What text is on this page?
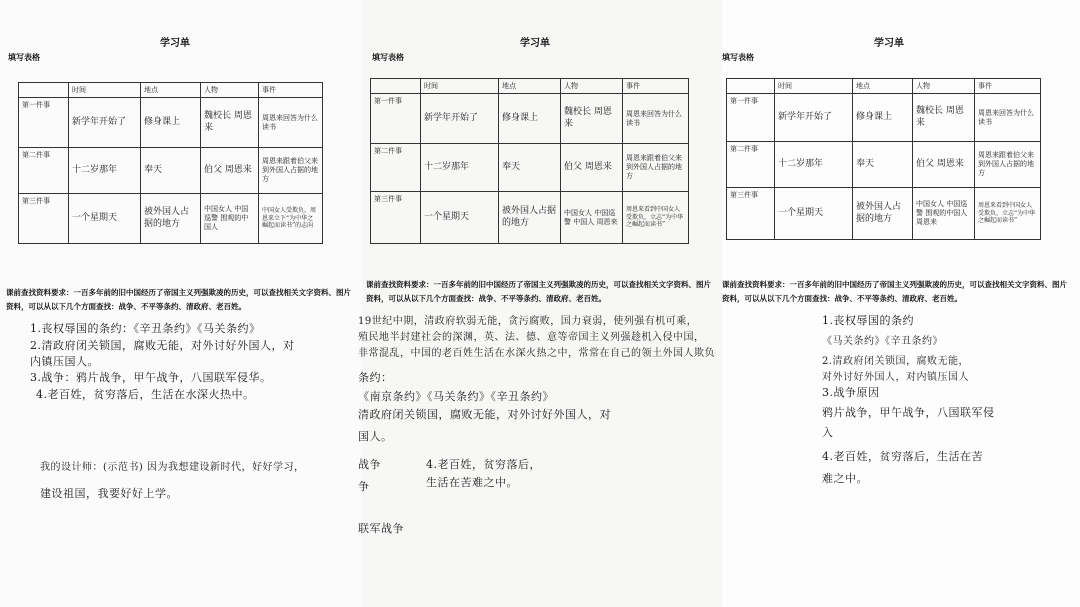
学习单
填写表格
	时间	地点	人物	事件
第一件事	新学年开始了	修身课上	魏校长 周恩来	周恩来回答为什么读书
第二件事	十二岁那年	奉天	伯父 周恩来	周恩来跟着伯父来到外国人占据的地方
第三件事	一个星期天	被外国人占据的地方	中国女人 中国巡警 围观的中国人	中国女人受欺负，周恩来立下“为中华之崛起而读书”的志向
课前查找资料要求：一百多年前的旧中国经历了帝国主义列强欺凌的历史，可以查找相关文字资料、图片资料，可以从以下几个方面查找：战争、不平等条约、清政府、老百姓。
1.丧权辱国的条约：《辛丑条约》《马关条约》
2.清政府闭关锁国，腐败无能，对外讨好外国人，对内镇压国人。
3.战争：鸦片战争，甲午战争，八国联军侵华。
4.老百姓，贫穷落后，生活在水深火热中。
我的设计师：(示范书) 因为我想建设新时代，好好学习，
建设祖国，我要好好上学。
学习单
填写表格
	时间	地点	人物	事件
第一件事	新学年开始了	修身课上	魏校长 周恩来	周恩来回答为什么读书
第二件事	十二岁那年	奉天	伯父 周恩来	周恩来跟着伯父来到外国人占据的地方
第三件事	一个星期天	被外国人占据的地方	中国女人 中国巡警 中国人 周恩来	周恩来看到中国女人受欺负，立志“为中华之崛起而读书”
课前查找资料要求：一百多年前的旧中国经历了帝国主义列强欺凌的历史，可以查找相关文字资料、图片资料，可以从以下几个方面查找：战争、不平等条约、清政府、老百姓。
19世纪中期，清政府软弱无能，贪污腐败，国力衰弱，使列强有机可乘，
殖民地半封建社会的深渊，英、法、德、意等帝国主义列强趁机入侵中国，
非常混乱，中国的老百姓生活在水深火热之中，常常在自己的领土外国人欺负
条约：
《南京条约》《马关条约》《辛丑条约》
清政府闭关锁国，腐败无能，对外讨好外国人，对
国人。
4.老百姓，贫穷落后，
生活在苦难之中。
战争
争
联军战争
学习单
填写表格
	时间	地点	人物	事件
第一件事	新学年开始了	修身课上	魏校长 周恩来	周恩来回答为什么读书
第二件事	十二岁那年	奉天	伯父 周恩来	周恩来跟着伯父来到外国人占据的地方
第三件事	一个星期天	被外国人占据的地方	中国女人 中国巡警 围观的中国人 周恩来	周恩来看到中国女人受欺负，立志“为中华之崛起而读书”
课前查找资料要求：一百多年前的旧中国经历了帝国主义列强欺凌的历史，可以查找相关文字资料、图片资料，可以从以下几个方面查找：战争、不平等条约、清政府、老百姓。
1.丧权辱国的条约
《马关条约》《辛丑条约》
2.清政府闭关锁国，腐败无能，
对外讨好外国人，对内镇压国人
3.战争原因
鸦片战争，甲午战争，八国联军侵
入
4.老百姓，贫穷落后，生活在苦
难之中。
